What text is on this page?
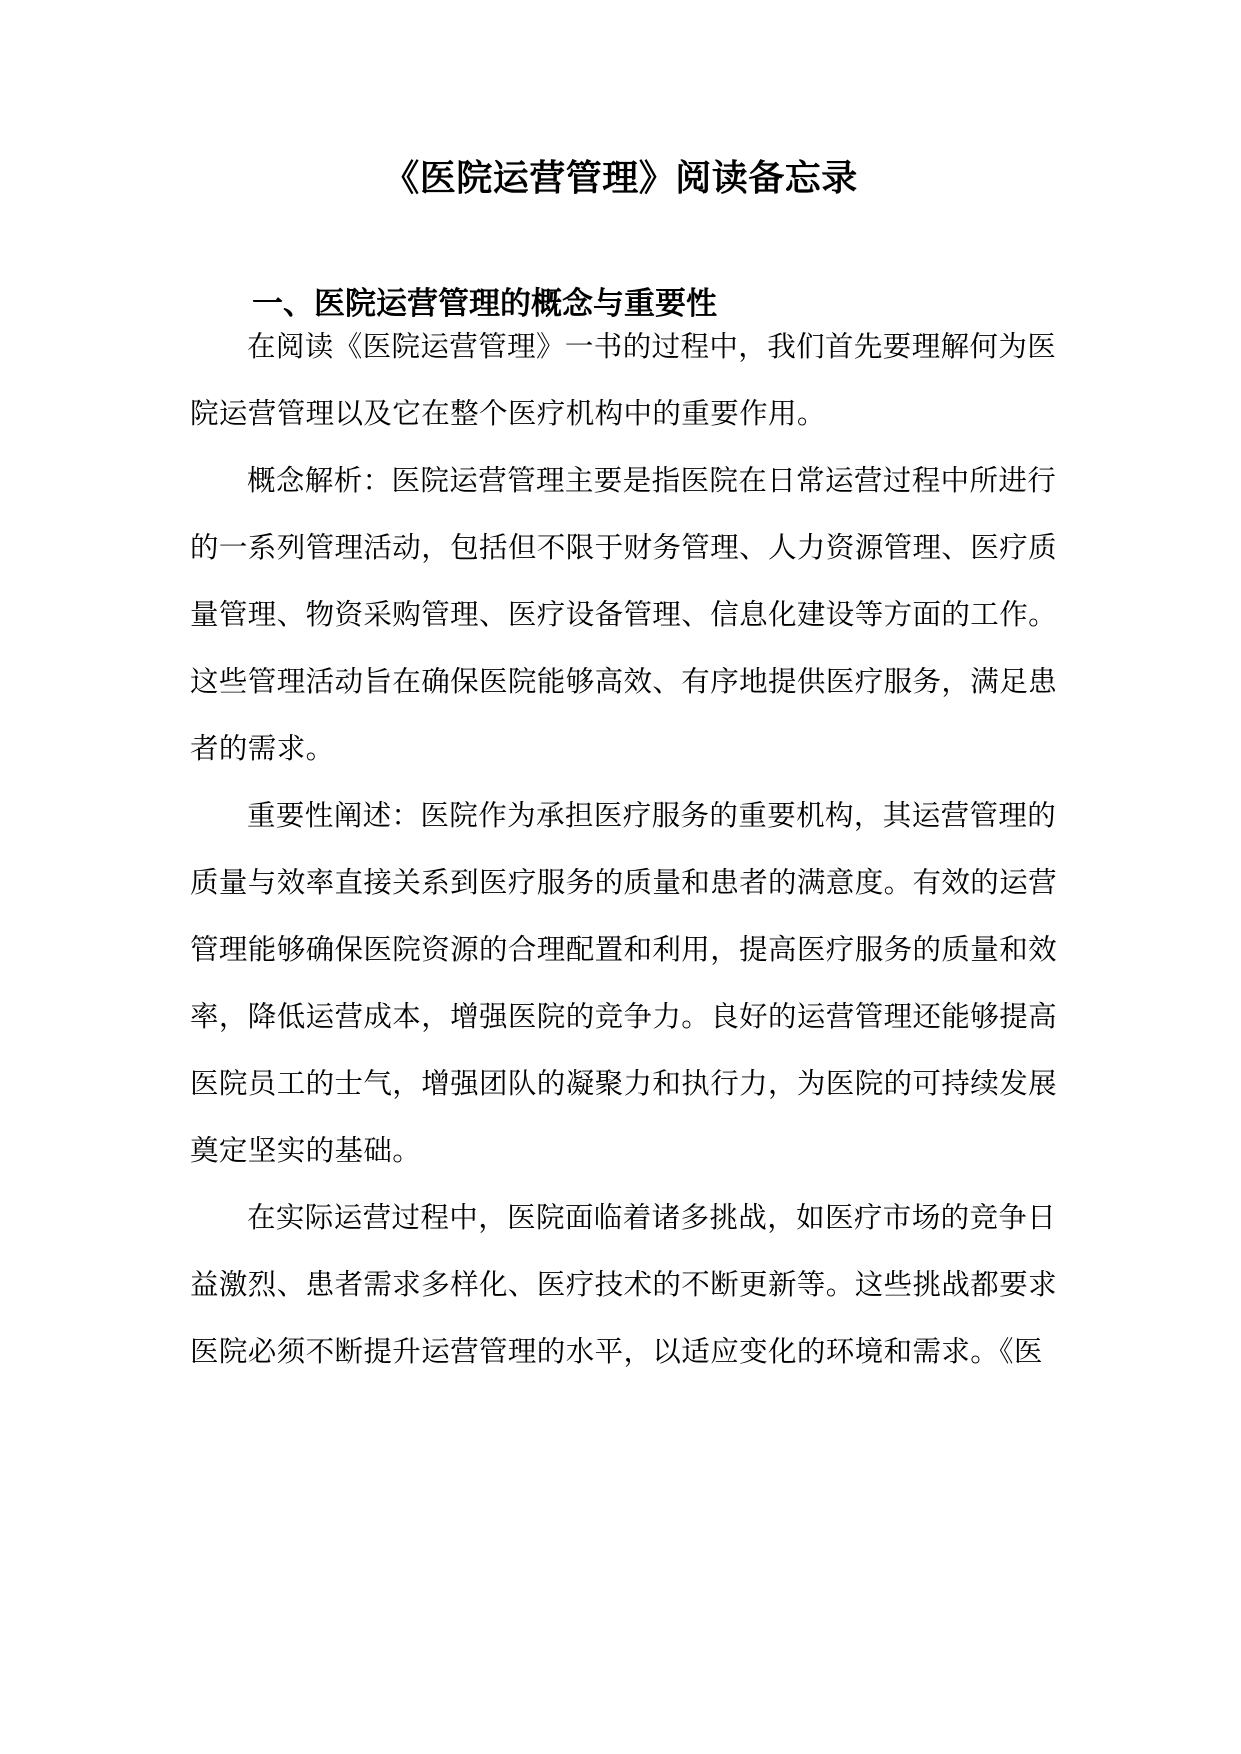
《医院运营管理》阅读备忘录
一、医院运营管理的概念与重要性
在阅读《医院运营管理》一书的过程中，我们首先要理解何为医
院运营管理以及它在整个医疗机构中的重要作用。
概念解析：医院运营管理主要是指医院在日常运营过程中所进行
的一系列管理活动，包括但不限于财务管理、人力资源管理、医疗质
量管理、物资采购管理、医疗设备管理、信息化建设等方面的工作。
这些管理活动旨在确保医院能够高效、有序地提供医疗服务，满足患
者的需求。
重要性阐述：医院作为承担医疗服务的重要机构，其运营管理的
质量与效率直接关系到医疗服务的质量和患者的满意度。有效的运营
管理能够确保医院资源的合理配置和利用，提高医疗服务的质量和效
率，降低运营成本，增强医院的竞争力。良好的运营管理还能够提高
医院员工的士气，增强团队的凝聚力和执行力，为医院的可持续发展
奠定坚实的基础。
在实际运营过程中，医院面临着诸多挑战，如医疗市场的竞争日
益激烈、患者需求多样化、医疗技术的不断更新等。这些挑战都要求
医院必须不断提升运营管理的水平，以适应变化的环境和需求。《医
